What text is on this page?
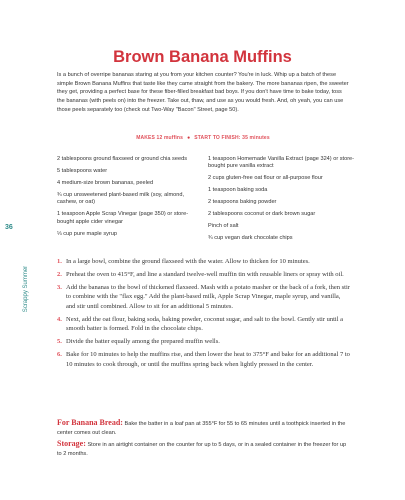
Brown Banana Muffins
Is a bunch of overripe bananas staring at you from your kitchen counter? You're in luck. Whip up a batch of these simple Brown Banana Muffins that taste like they came straight from the bakery. The more bananas ripen, the sweeter they get, providing a perfect base for these fiber-filled breakfast bad boys. If you don't have time to bake today, toss the bananas (with peels on) into the freezer. Take out, thaw, and use as you would fresh. And, oh yeah, you can use those peels separately too (check out Two-Way "Bacon" Street, page 50).
MAKES 12 muffins ● START TO FINISH: 35 minutes
2 tablespoons ground flaxseed or ground chia seeds
5 tablespoons water
4 medium-size brown bananas, peeled
¾ cup unsweetened plant-based milk (soy, almond, cashew, or oat)
1 teaspoon Apple Scrap Vinegar (page 350) or store-bought apple cider vinegar
⅓ cup pure maple syrup
1 teaspoon Homemade Vanilla Extract (page 324) or store-bought pure vanilla extract
2 cups gluten-free oat flour or all-purpose flour
1 teaspoon baking soda
2 teaspoons baking powder
2 tablespoons coconut or dark brown sugar
Pinch of salt
¾ cup vegan dark chocolate chips
36
Scrappy Summer
1. In a large bowl, combine the ground flaxseed with the water. Allow to thicken for 10 minutes.
2. Preheat the oven to 415°F, and line a standard twelve-well muffin tin with reusable liners or spray with oil.
3. Add the bananas to the bowl of thickened flaxseed. Mash with a potato masher or the back of a fork, then stir to combine with the "flax egg." Add the plant-based milk, Apple Scrap Vinegar, maple syrup, and vanilla, and stir until combined. Allow to sit for an additional 5 minutes.
4. Next, add the oat flour, baking soda, baking powder, coconut sugar, and salt to the bowl. Gently stir until a smooth batter is formed. Fold in the chocolate chips.
5. Divide the batter equally among the prepared muffin wells.
6. Bake for 10 minutes to help the muffins rise, and then lower the heat to 375°F and bake for an additional 7 to 10 minutes to cook through, or until the muffins spring back when lightly pressed in the center.
For Banana Bread: Bake the batter in a loaf pan at 355°F for 55 to 65 minutes until a toothpick inserted in the center comes out clean.
Storage: Store in an airtight container on the counter for up to 5 days, or in a sealed container in the freezer for up to 2 months.
